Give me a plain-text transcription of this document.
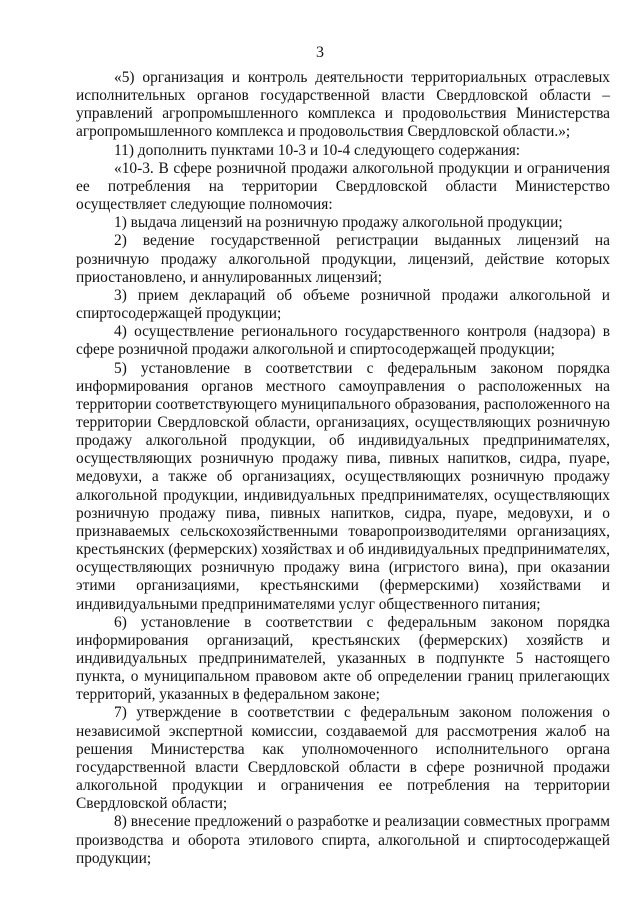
3

«5) организация и контроль деятельности территориальных отраслевых исполнительных органов государственной власти Свердловской области – управлений агропромышленного комплекса и продовольствия Министерства агропромышленного комплекса и продовольствия Свердловской области.»;

11) дополнить пунктами 10-3 и 10-4 следующего содержания:

«10-3. В сфере розничной продажи алкогольной продукции и ограничения ее потребления на территории Свердловской области Министерство осуществляет следующие полномочия:

1) выдача лицензий на розничную продажу алкогольной продукции;

2) ведение государственной регистрации выданных лицензий на розничную продажу алкогольной продукции, лицензий, действие которых приостановлено, и аннулированных лицензий;

3) прием деклараций об объеме розничной продажи алкогольной и спиртосодержащей продукции;

4) осуществление регионального государственного контроля (надзора) в сфере розничной продажи алкогольной и спиртосодержащей продукции;

5) установление в соответствии с федеральным законом порядка информирования органов местного самоуправления о расположенных на территории соответствующего муниципального образования, расположенного на территории Свердловской области, организациях, осуществляющих розничную продажу алкогольной продукции, об индивидуальных предпринимателях, осуществляющих розничную продажу пива, пивных напитков, сидра, пуаре, медовухи, а также об организациях, осуществляющих розничную продажу алкогольной продукции, индивидуальных предпринимателях, осуществляющих розничную продажу пива, пивных напитков, сидра, пуаре, медовухи, и о признаваемых сельскохозяйственными товаропроизводителями организациях, крестьянских (фермерских) хозяйствах и об индивидуальных предпринимателях, осуществляющих розничную продажу вина (игристого вина), при оказании этими организациями, крестьянскими (фермерскими) хозяйствами и индивидуальными предпринимателями услуг общественного питания;

6) установление в соответствии с федеральным законом порядка информирования организаций, крестьянских (фермерских) хозяйств и индивидуальных предпринимателей, указанных в подпункте 5 настоящего пункта, о муниципальном правовом акте об определении границ прилегающих территорий, указанных в федеральном законе;

7) утверждение в соответствии с федеральным законом положения о независимой экспертной комиссии, создаваемой для рассмотрения жалоб на решения Министерства как уполномоченного исполнительного органа государственной власти Свердловской области в сфере розничной продажи алкогольной продукции и ограничения ее потребления на территории Свердловской области;

8) внесение предложений о разработке и реализации совместных программ производства и оборота этилового спирта, алкогольной и спиртосодержащей продукции;
